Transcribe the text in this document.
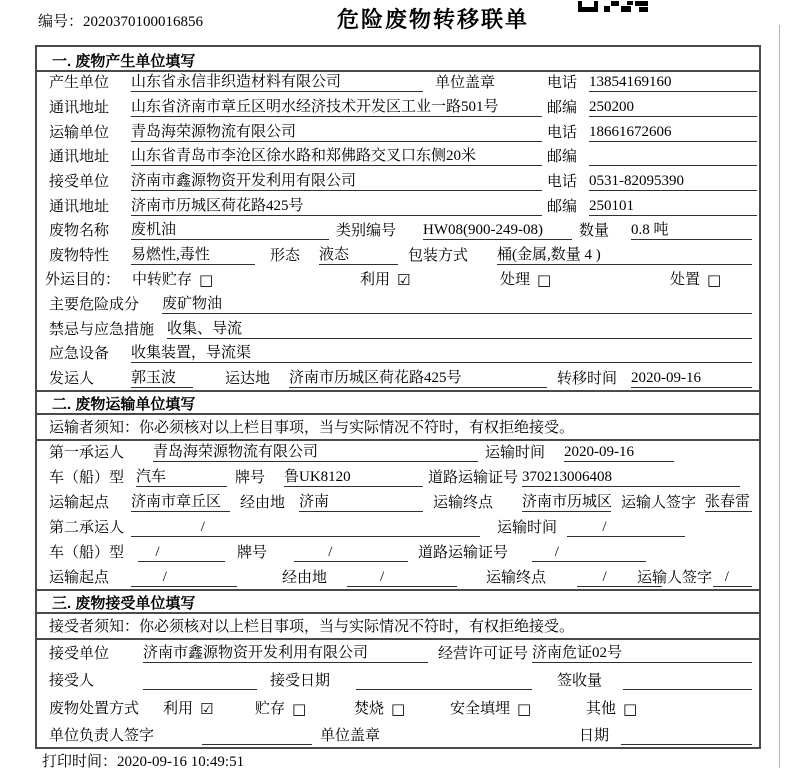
编号：2020370100016856	危险废物转移联单
一. 废物产生单位填写
产生单位 山东省永信非织造材料有限公司	单位盖章	电话 13854169160
通讯地址 山东省济南市章丘区明水经济技术开发区工业一路501号	邮编 250200
运输单位 青岛海荣源物流有限公司	电话 18661672606
通讯地址 山东省青岛市李沧区徐水路和郑佛路交叉口东侧20米	邮编
接受单位 济南市鑫源物资开发利用有限公司	电话 0531-82095390
通讯地址 济南市历城区荷花路425号	邮编 250101
废物名称 废机油	类别编号 HW08(900-249-08)	数量 0.8 吨
废物特性 易燃性,毒性	形态 液态	包装方式 桶(金属,数量 4 )
外运目的： 中转贮存 □	利用 ☑	处理 □	处置 □
主要危险成分 废矿物油
禁忌与应急措施 收集、导流
应急设备 收集装置，导流渠
发运人 郭玉波	运达地 济南市历城区荷花路425号	转移时间 2020-09-16
二. 废物运输单位填写
运输者须知：你必须核对以上栏目事项，当与实际情况不符时，有权拒绝接受。
第一承运人 青岛海荣源物流有限公司	运输时间 2020-09-16
车（船）型 汽车	牌号 鲁UK8120	道路运输证号 370213006408
运输起点 济南市章丘区	经由地 济南	运输终点 济南市历城区 运输人签字 张春雷
第二承运人	/	运输时间	/
车（船）型	/	牌号	/	道路运输证号	/
运输起点	/	经由地	/	运输终点	/	运输人签字 /
三. 废物接受单位填写
接受者须知：你必须核对以上栏目事项，当与实际情况不符时，有权拒绝接受。
接受单位 济南市鑫源物资开发利用有限公司	经营许可证号 济南危证02号
接受人	接受日期	签收量
废物处置方式 利用 ☑	贮存 □	焚烧 □	安全填埋 □	其他 □
单位负责人签字	单位盖章	日期
打印时间：2020-09-16 10:49:51
